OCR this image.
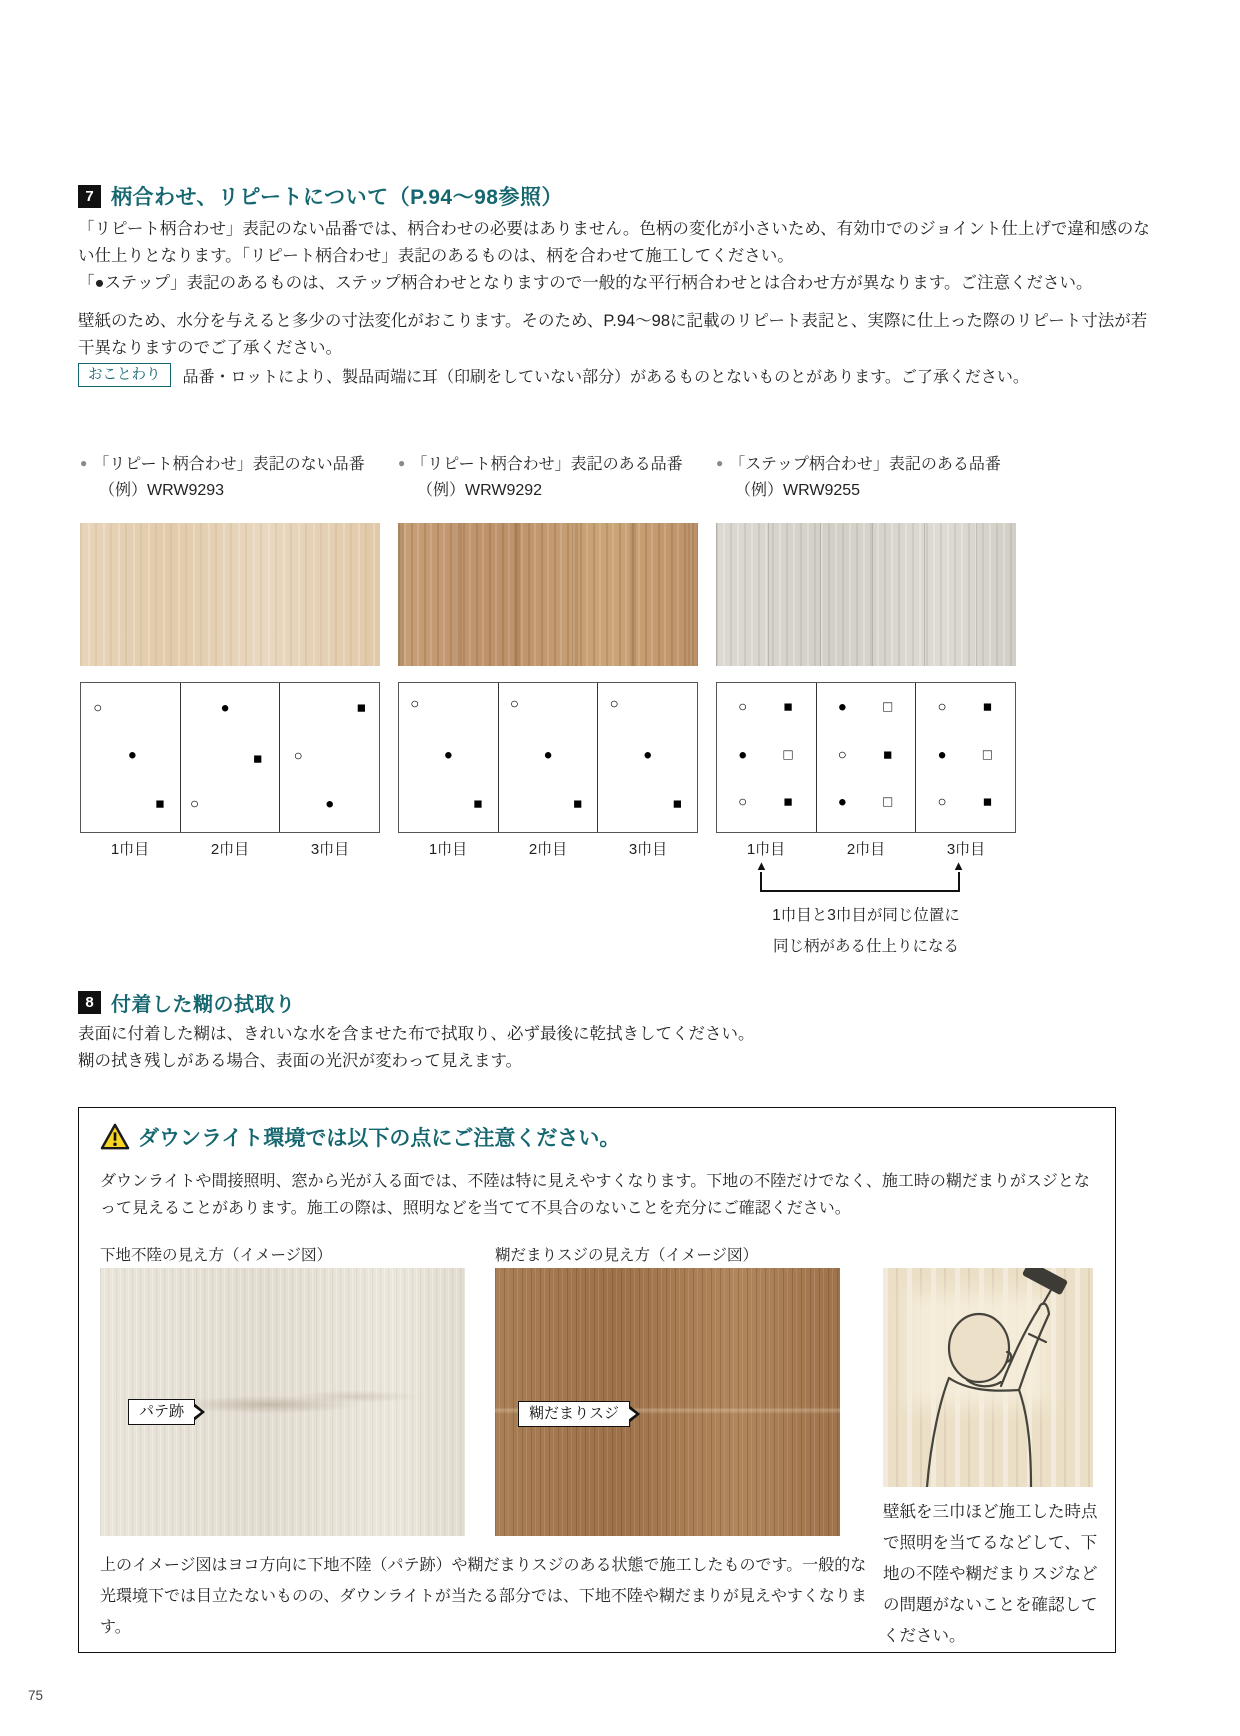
7 柄合わせ、リピートについて（P.94～98参照）
「リピート柄合わせ」表記のない品番では、柄合わせの必要はありません。色柄の変化が小さいため、有効巾でのジョイント仕上げで違和感のない仕上りとなります。「リピート柄合わせ」表記のあるものは、柄を合わせて施工してください。
「●ステップ」表記のあるものは、ステップ柄合わせとなりますので一般的な平行柄合わせとは合わせ方が異なります。ご注意ください。
壁紙のため、水分を与えると多少の寸法変化がおこります。そのため、P.94～98に記載のリピート表記と、実際に仕上った際のリピート寸法が若干異なりますのでご了承ください。
おことわり	品番・ロットにより、製品両端に耳（印刷をしていない部分）があるものとないものとがあります。ご了承ください。
● 「リピート柄合わせ」表記のない品番
（例）WRW9293
○
●
■
●
■
○
■
○
●
1巾目	2巾目	3巾目
● 「リピート柄合わせ」表記のある品番
（例）WRW9292
○
●
■
○
●
■
○
●
■
1巾目	2巾目	3巾目
● 「ステップ柄合わせ」表記のある品番
（例）WRW9255
○ ■
● □
○ ■
● □
○ ■
● □
○ ■
● □
○ ■
1巾目	2巾目	3巾目
▲	▲
1巾目と3巾目が同じ位置に
同じ柄がある仕上りになる
8 付着した糊の拭取り
表面に付着した糊は、きれいな水を含ませた布で拭取り、必ず最後に乾拭きしてください。
糊の拭き残しがある場合、表面の光沢が変わって見えます。
ダウンライト環境では以下の点にご注意ください。
ダウンライトや間接照明、窓から光が入る面では、不陸は特に見えやすくなります。下地の不陸だけでなく、施工時の糊だまりがスジとなって見えることがあります。施工の際は、照明などを当てて不具合のないことを充分にご確認ください。
下地不陸の見え方（イメージ図）	糊だまりスジの見え方（イメージ図）
パテ跡	糊だまりスジ
上のイメージ図はヨコ方向に下地不陸（パテ跡）や糊だまりスジのある状態で施工したものです。一般的な光環境下では目立たないものの、ダウンライトが当たる部分では、下地不陸や糊だまりが見えやすくなります。
壁紙を三巾ほど施工した時点で照明を当てるなどして、下地の不陸や糊だまりスジなどの問題がないことを確認してください。
75
